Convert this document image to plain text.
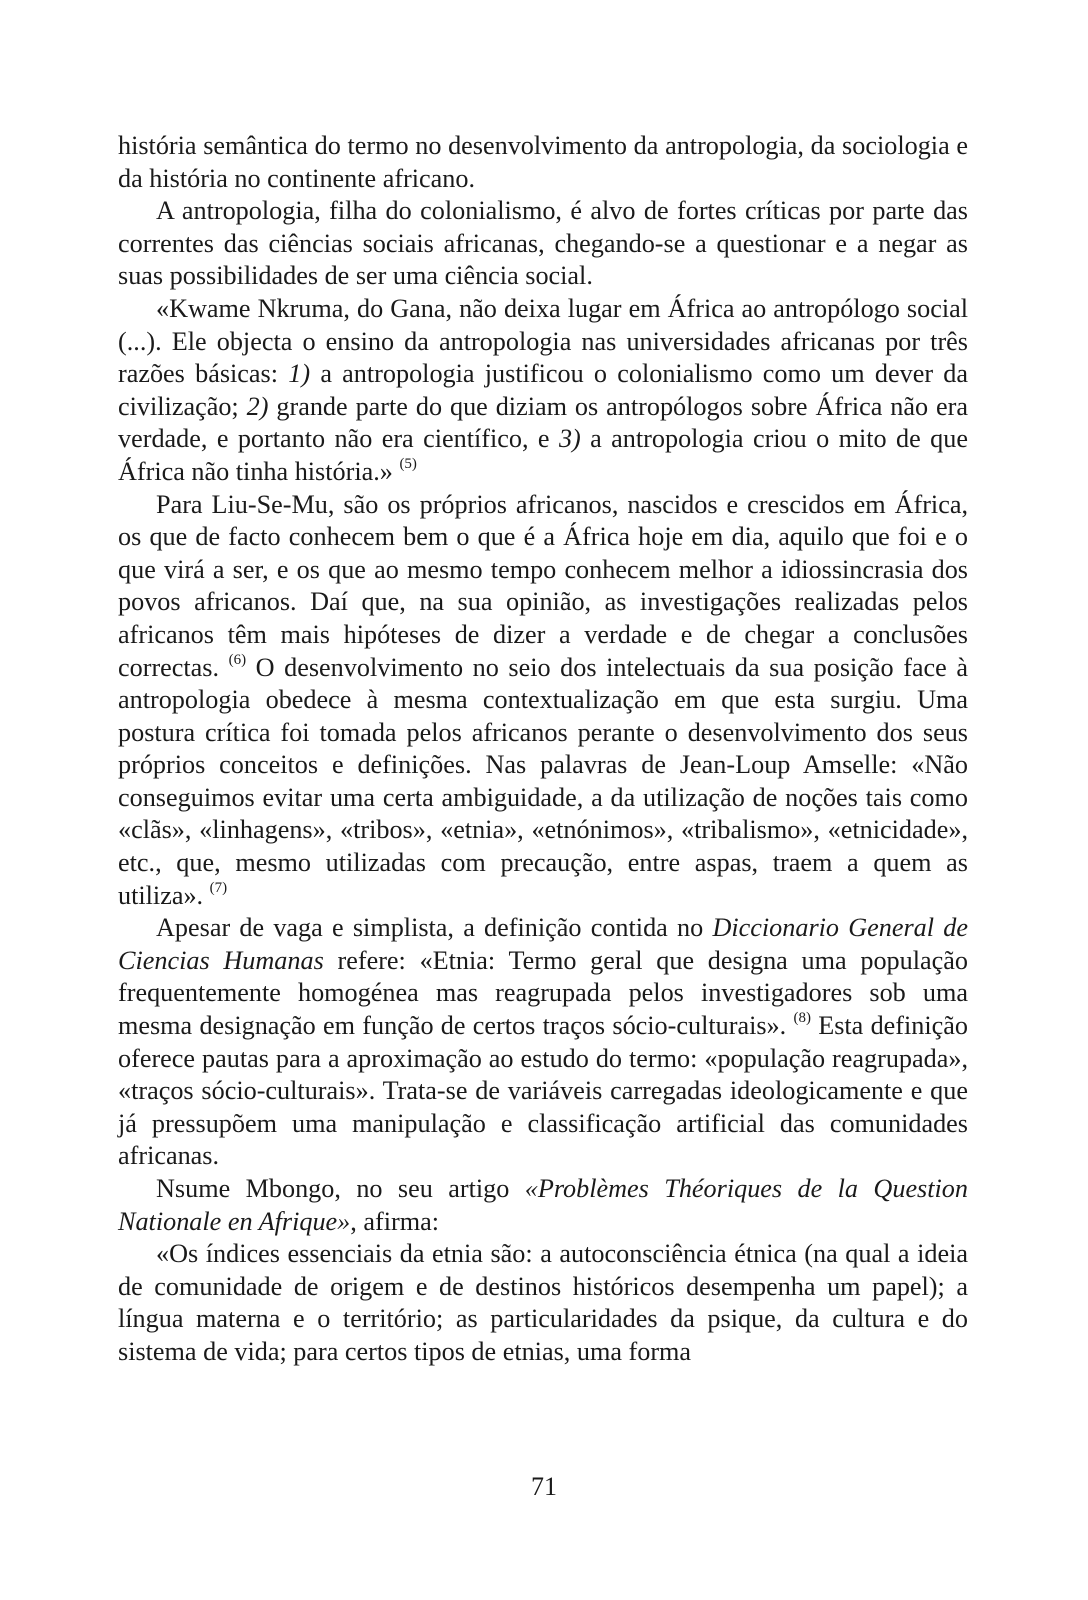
história semântica do termo no desenvolvimento da antropologia, da sociologia e da história no continente africano.

A antropologia, filha do colonialismo, é alvo de fortes críticas por parte das correntes das ciências sociais africanas, chegando-se a questionar e a negar as suas possibilidades de ser uma ciência social.

«Kwame Nkruma, do Gana, não deixa lugar em África ao antropólogo social (...). Ele objecta o ensino da antropologia nas universidades africanas por três razões básicas: 1) a antropologia justificou o colonialismo como um dever da civilização; 2) grande parte do que diziam os antropólogos sobre África não era verdade, e portanto não era científico, e 3) a antropologia criou o mito de que África não tinha história.» $^{(5)}$

Para Liu-Se-Mu, são os próprios africanos, nascidos e crescidos em África, os que de facto conhecem bem o que é a África hoje em dia, aquilo que foi e o que virá a ser, e os que ao mesmo tempo conhecem melhor a idiossincrasia dos povos africanos. Daí que, na sua opinião, as investigações realizadas pelos africanos têm mais hipóteses de dizer a verdade e de chegar a conclusões correctas. $^{(6)}$ O desenvolvimento no seio dos intelectuais da sua posição face à antropologia obedece à mesma contextualização em que esta surgiu. Uma postura crítica foi tomada pelos africanos perante o desenvolvimento dos seus próprios conceitos e definições. Nas palavras de Jean-Loup Amselle: «Não conseguimos evitar uma certa ambiguidade, a da utilização de noções tais como «clãs», «linhagens», «tribos», «etnia», «etnónimos», «tribalismo», «etnicidade», etc., que, mesmo utilizadas com precaução, entre aspas, traem a quem as utiliza». $^{(7)}$

Apesar de vaga e simplista, a definição contida no Diccionario General de Ciencias Humanas refere: «Etnia: Termo geral que designa uma população frequentemente homogénea mas reagrupada pelos investigadores sob uma mesma designação em função de certos traços sócio-culturais». $^{(8)}$ Esta definição oferece pautas para a aproximação ao estudo do termo: «população reagrupada», «traços sócio-culturais». Trata-se de variáveis carregadas ideologicamente e que já pressupõem uma manipulação e classificação artificial das comunidades africanas.

Nsume Mbongo, no seu artigo «Problèmes Théoriques de la Question Nationale en Afrique», afirma:

«Os índices essenciais da etnia são: a autoconsciência étnica (na qual a ideia de comunidade de origem e de destinos históricos desempenha um papel); a língua materna e o território; as particularidades da psique, da cultura e do sistema de vida; para certos tipos de etnias, uma forma

71
